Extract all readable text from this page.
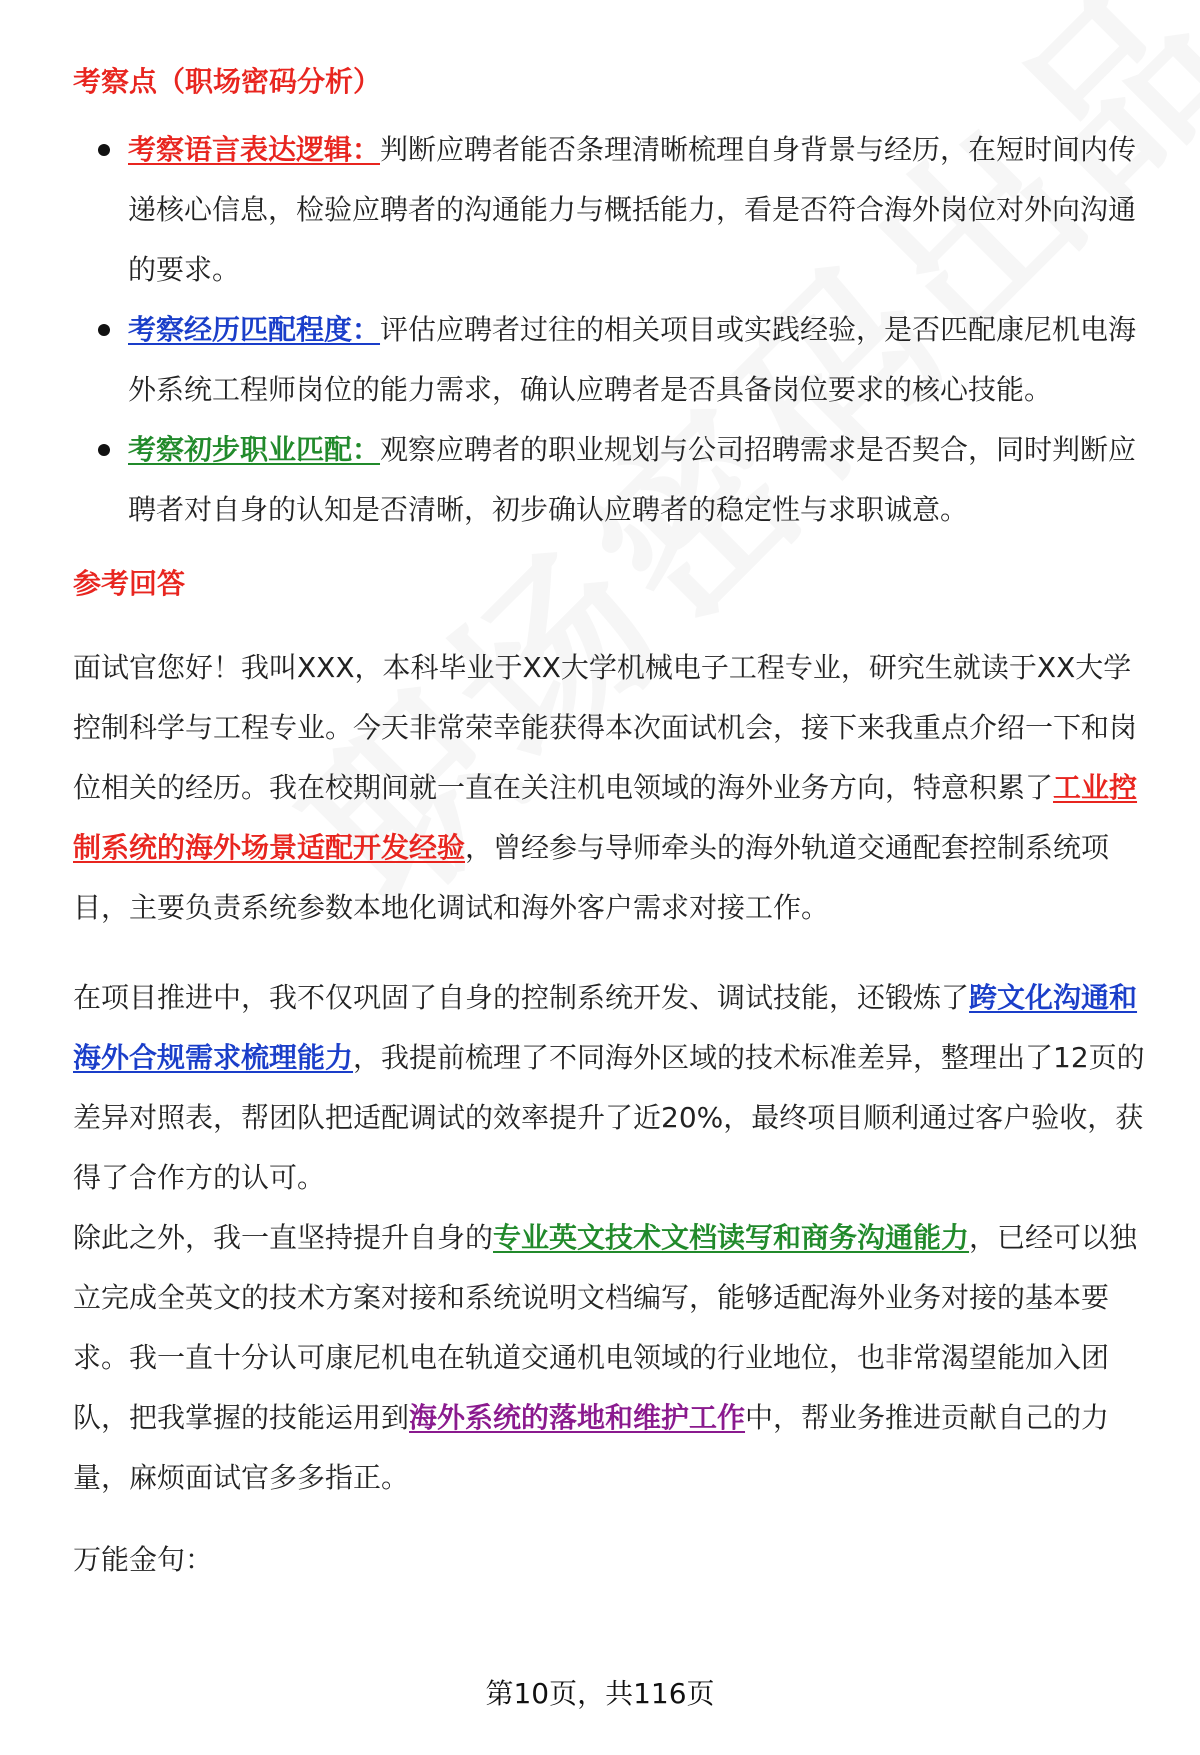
考察点（职场密码分析）
考察语言表达逻辑：判断应聘者能否条理清晰梳理自身背景与经历，在短时间内传递核心信息，检验应聘者的沟通能力与概括能力，看是否符合海外岗位对外向沟通的要求。
考察经历匹配程度：评估应聘者过往的相关项目或实践经验，是否匹配康尼机电海外系统工程师岗位的能力需求，确认应聘者是否具备岗位要求的核心技能。
考察初步职业匹配：观察应聘者的职业规划与公司招聘需求是否契合，同时判断应聘者对自身的认知是否清晰，初步确认应聘者的稳定性与求职诚意。
参考回答

面试官您好！我叫XXX，本科毕业于XX大学机械电子工程专业，研究生就读于XX大学控制科学与工程专业。今天非常荣幸能获得本次面试机会，接下来我重点介绍一下和岗位相关的经历。我在校期间就一直在关注机电领域的海外业务方向，特意积累了工业控制系统的海外场景适配开发经验，曾经参与导师牵头的海外轨道交通配套控制系统项目，主要负责系统参数本地化调试和海外客户需求对接工作。

在项目推进中，我不仅巩固了自身的控制系统开发、调试技能，还锻炼了跨文化沟通和海外合规需求梳理能力，我提前梳理了不同海外区域的技术标准差异，整理出了12页的差异对照表，帮团队把适配调试的效率提升了近20%，最终项目顺利通过客户验收，获得了合作方的认可。

除此之外，我一直坚持提升自身的专业英文技术文档读写和商务沟通能力，已经可以独立完成全英文的技术方案对接和系统说明文档编写，能够适配海外业务对接的基本要求。我一直十分认可康尼机电在轨道交通机电领域的行业地位，也非常渴望能加入团队，把我掌握的技能运用到海外系统的落地和维护工作中，帮业务推进贡献自己的力量，麻烦面试官多多指正。

万能金句：

第10页，共116页
